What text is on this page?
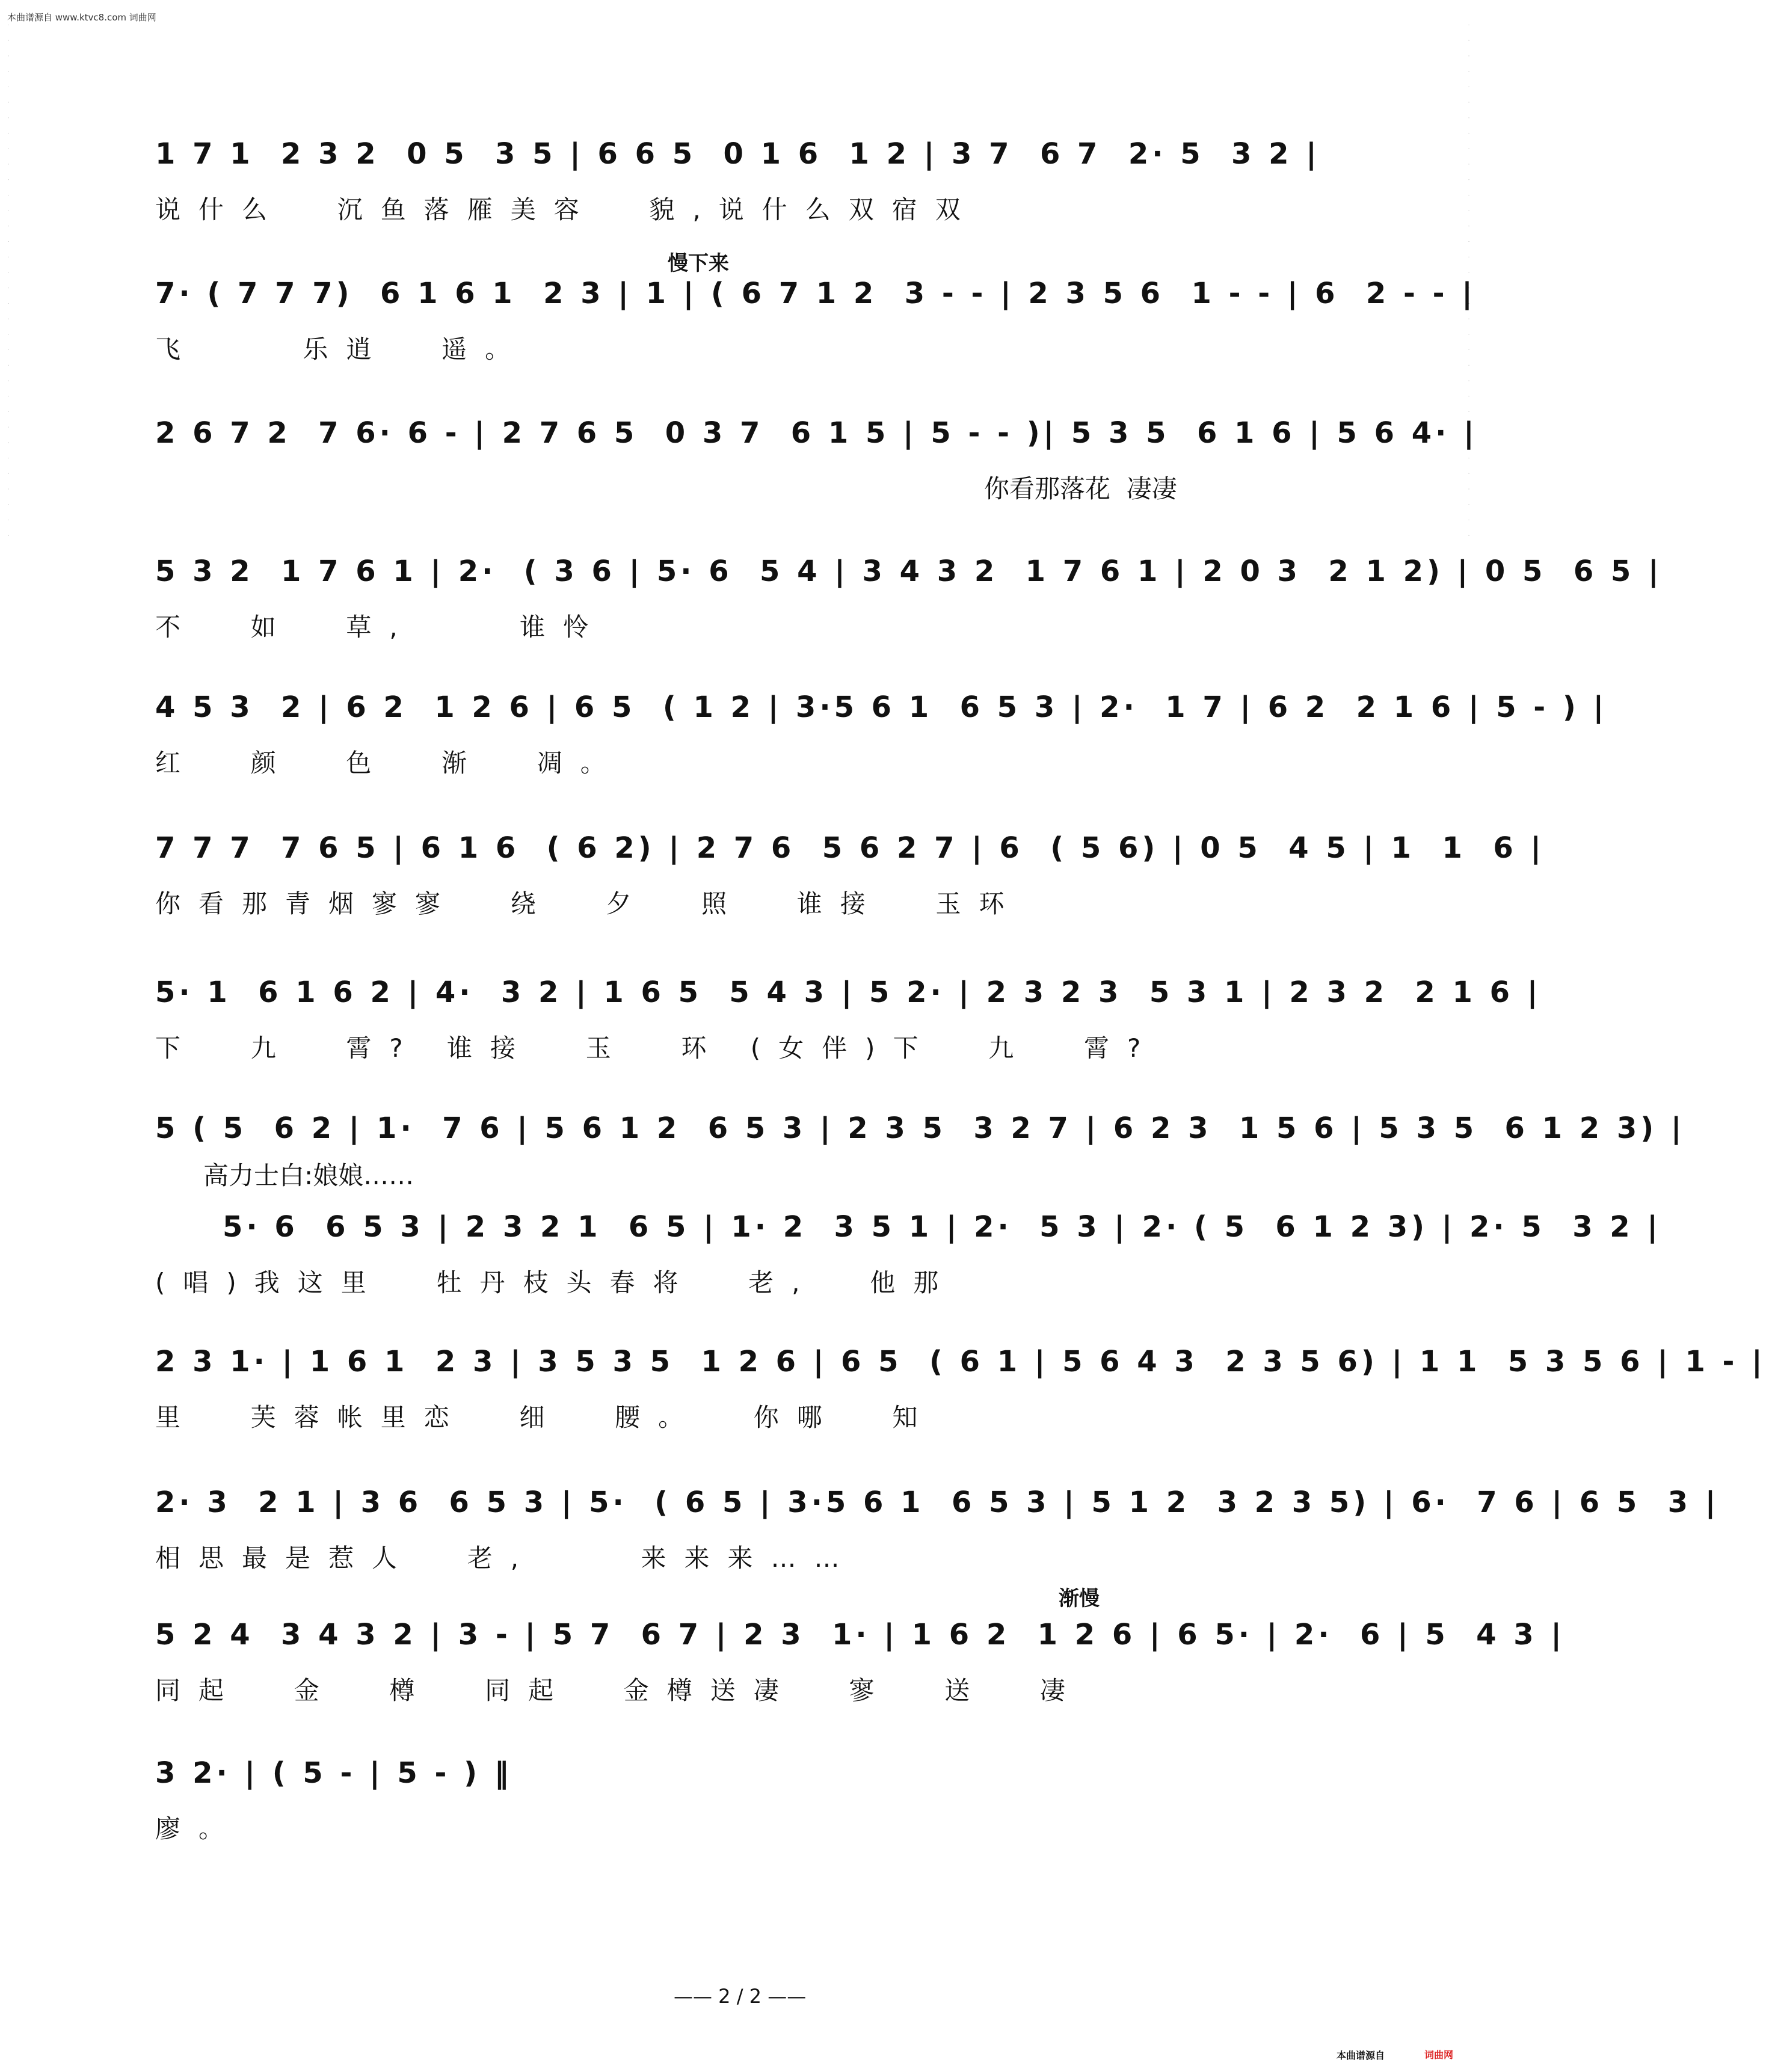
本曲谱源自 www.ktvc8.com 词曲网
· · · · · · · · · · · · · · · · · · · · · · · · · · · · · · · · · ·	· · · · · · · · · · · · · · · · · · · · · · · · · · · · · · · · · ·
1 7 1  2 3 2  0 5  3 5 | 6 6 5  0 1 6  1 2 | 3 7  6 7  2· 5  3 2 |
说什么  沉鱼落雁美容  貌,说什么双宿双
慢下来
7· ( 7 7 7)  6 1 6 1  2 3 | 1 | ( 6 7 1 2  3 - - | 2 3 5 6  1 - - | 6  2 - - |
飞    乐逍  遥。
2 6 7 2  7 6· 6 - | 2 7 6 5  0 3 7  6 1 5 | 5 - - )| 5 3 5  6 1 6 | 5 6 4· |
你看那落花  凄凄
5 3 2  1 7 6 1 | 2·  ( 3 6 | 5· 6  5 4 | 3 4 3 2  1 7 6 1 | 2 0 3  2 1 2) | 0 5  6 5 |
不  如  草,    谁怜
4 5 3  2 | 6 2  1 2 6 | 6 5  ( 1 2 | 3·5 6 1  6 5 3 | 2·  1 7 | 6 2  2 1 6 | 5 - ) |
红  颜  色  渐  凋。
7 7 7  7 6 5 | 6 1 6  ( 6 2) | 2 7 6  5 6 2 7 | 6  ( 5 6) | 0 5  4 5 | 1  1  6 |
你看那青烟寥寥  绕  夕  照  谁接  玉环
5· 1  6 1 6 2 | 4·  3 2 | 1 6 5  5 4 3 | 5 2· | 2 3 2 3  5 3 1 | 2 3 2  2 1 6 |
下  九  霄? 谁接  玉  环 (女伴)下  九  霄?
5 ( 5  6 2 | 1·  7 6 | 5 6 1 2  6 5 3 | 2 3 5  3 2 7 | 6 2 3  1 5 6 | 5 3 5  6 1 2 3) |
高力士白:娘娘……
5· 6  6 5 3 | 2 3 2 1  6 5 | 1· 2  3 5 1 | 2·  5 3 | 2· ( 5  6 1 2 3) | 2· 5  3 2 |
(唱)我这里  牡丹枝头春将  老,  他那
2 3 1· | 1 6 1  2 3 | 3 5 3 5  1 2 6 | 6 5  ( 6 1 | 5 6 4 3  2 3 5 6) | 1 1  5 3 5 6 | 1 - |
里  芙蓉帐里恋  细  腰。  你哪  知
2· 3  2 1 | 3 6  6 5 3 | 5·  ( 6 5 | 3·5 6 1  6 5 3 | 5 1 2  3 2 3 5) | 6·  7 6 | 6 5  3 |
相思最是惹人  老,    来来来……
渐慢
5 2 4  3 4 3 2 | 3 - | 5 7  6 7 | 2 3  1· | 1 6 2  1 2 6 | 6 5· | 2·  6 | 5  4 3 |
同起  金  樽  同起  金樽送凄  寥  送  凄
3 2· | ( 5 - | 5 - ) ‖
廖。
—— 2 / 2 ——
本曲谱源自	词曲网
